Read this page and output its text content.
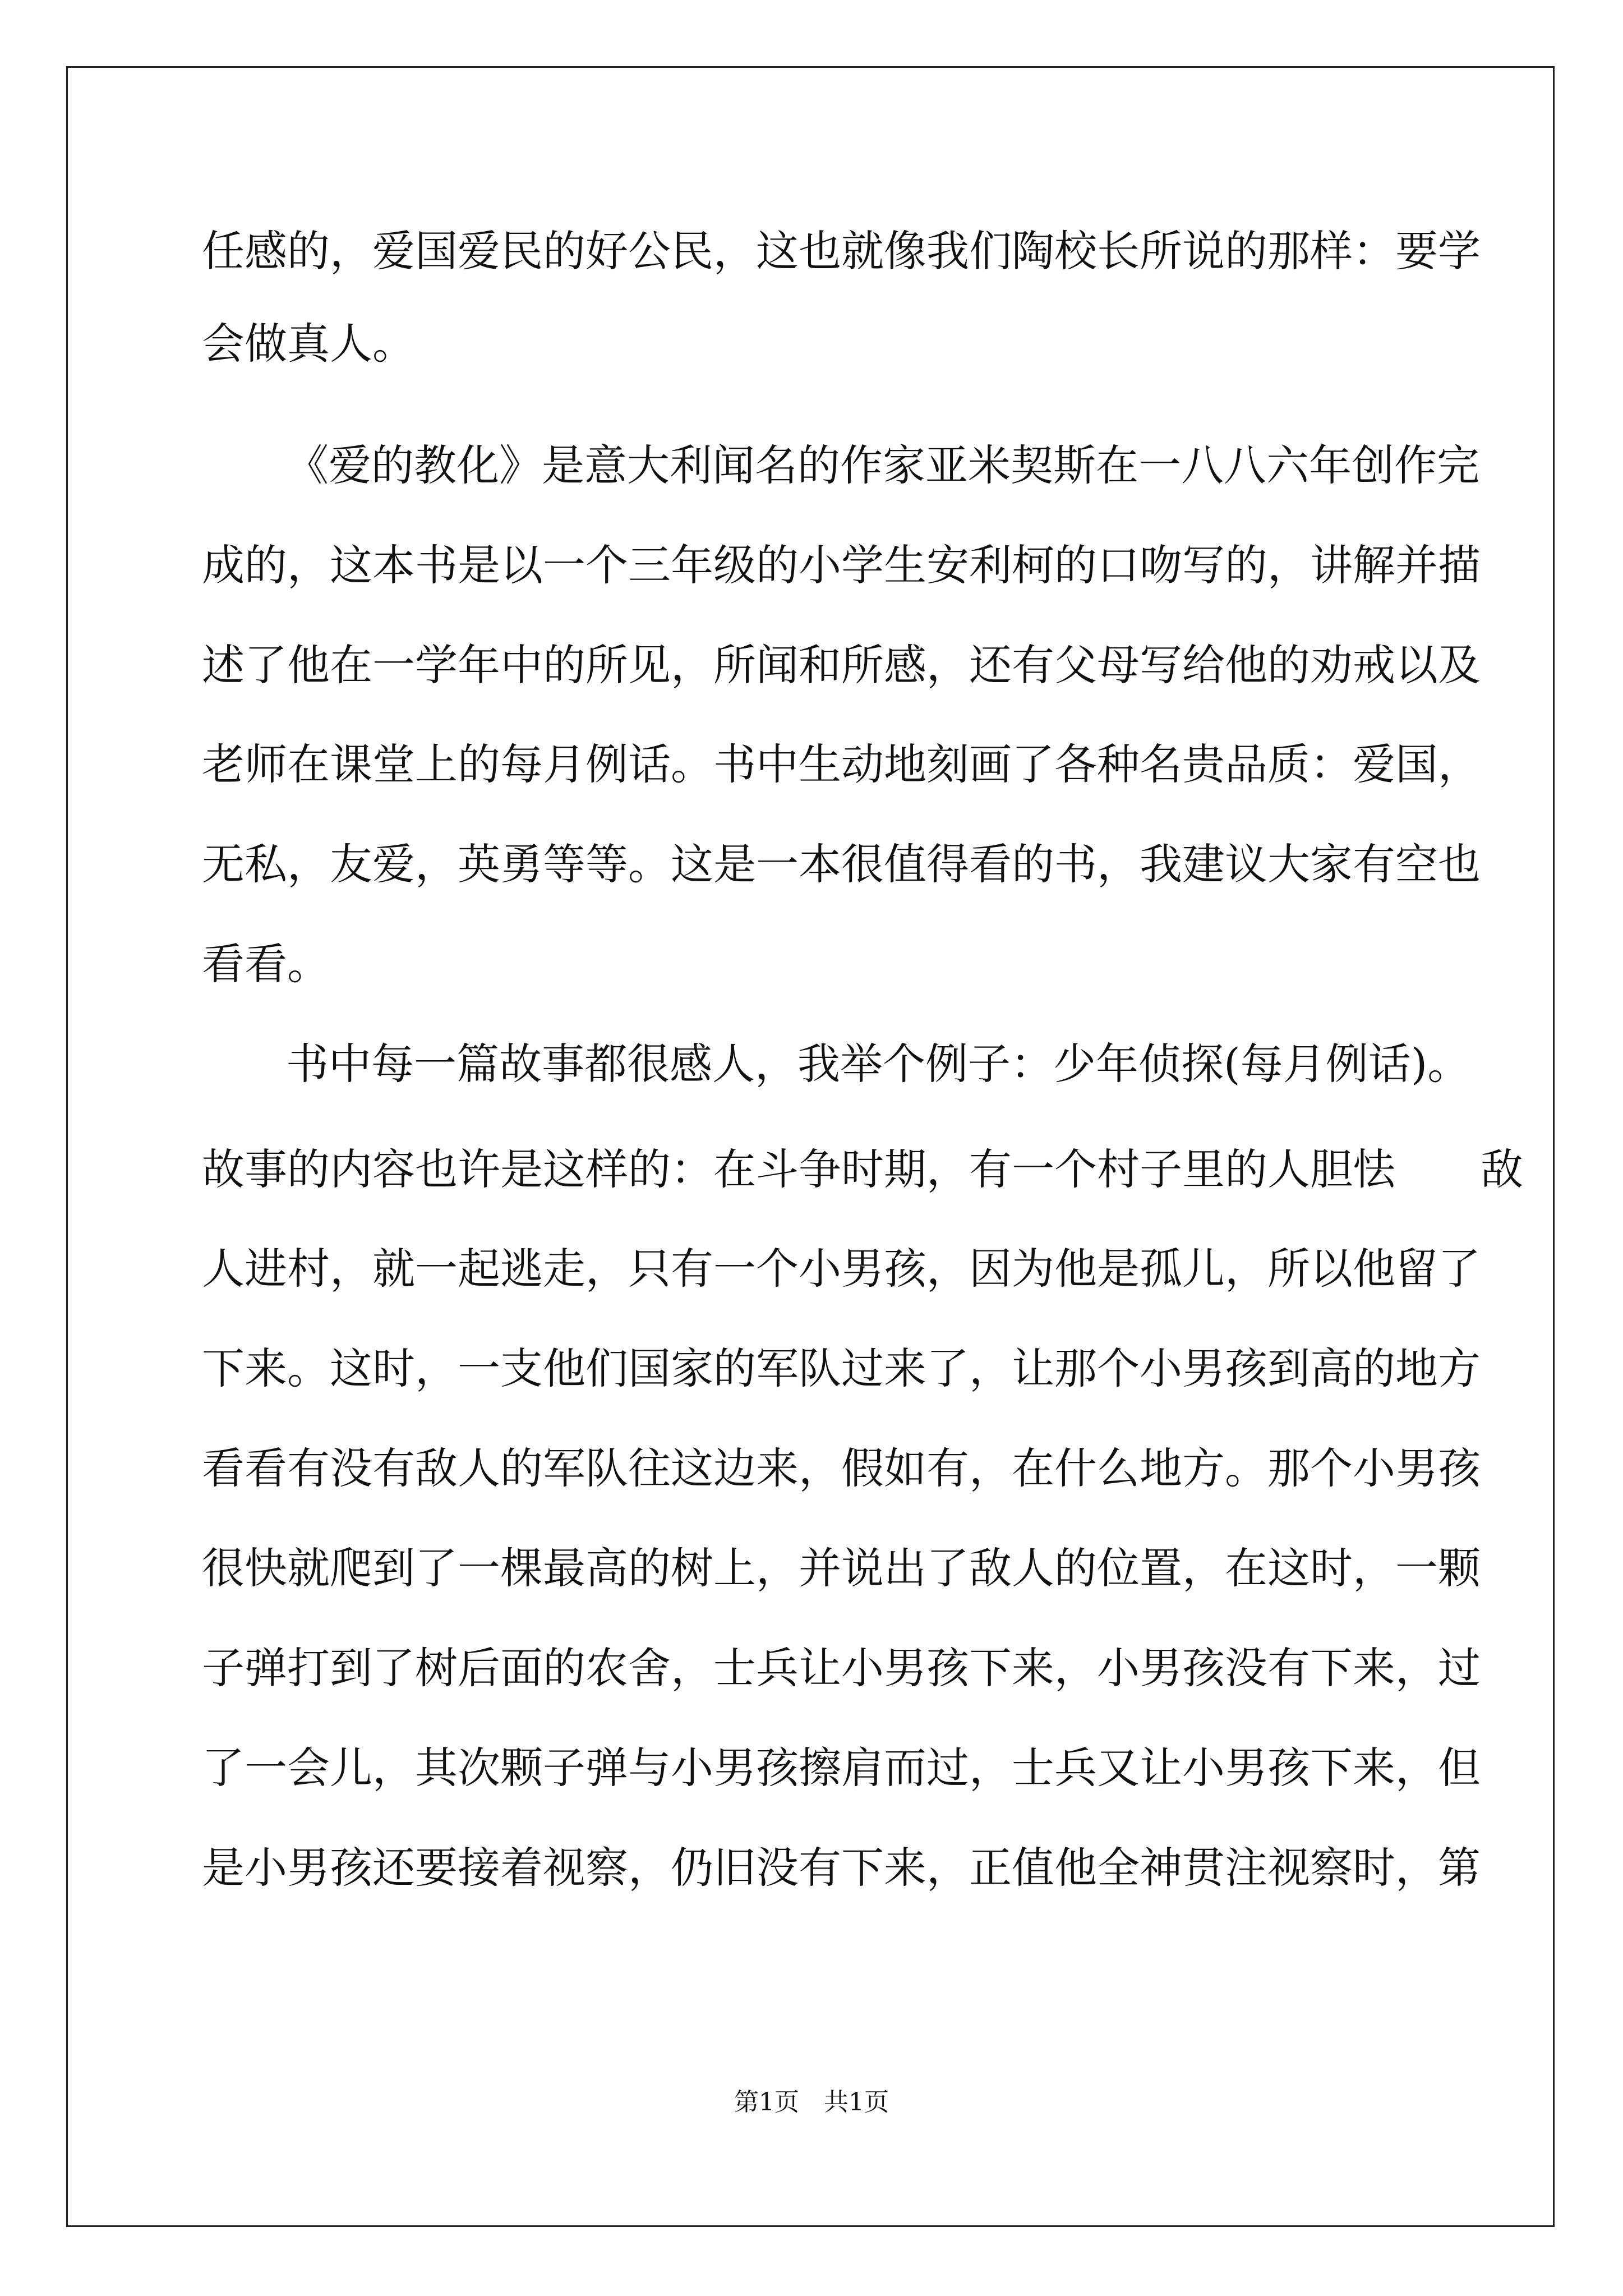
任感的，爱国爱民的好公民，这也就像我们陶校长所说的那样：要学
会做真人。
《爱的教化》是意大利闻名的作家亚米契斯在一八八六年创作完
成的，这本书是以一个三年级的小学生安利柯的口吻写的，讲解并描
述了他在一学年中的所见，所闻和所感，还有父母写给他的劝戒以及
老师在课堂上的每月例话。书中生动地刻画了各种名贵品质：爱国，
无私，友爱，英勇等等。这是一本很值得看的书，我建议大家有空也
看看。
书中每一篇故事都很感人，我举个例子：少年侦探(每月例话)。
故事的内容也许是这样的：在斗争时期，有一个村子里的人胆怯　　敌
人进村，就一起逃走，只有一个小男孩，因为他是孤儿，所以他留了
下来。这时，一支他们国家的军队过来了，让那个小男孩到高的地方
看看有没有敌人的军队往这边来，假如有，在什么地方。那个小男孩
很快就爬到了一棵最高的树上，并说出了敌人的位置，在这时，一颗
子弹打到了树后面的农舍，士兵让小男孩下来，小男孩没有下来，过
了一会儿，其次颗子弹与小男孩擦肩而过，士兵又让小男孩下来，但
是小男孩还要接着视察，仍旧没有下来，正值他全神贯注视察时，第
第1页　共1页
